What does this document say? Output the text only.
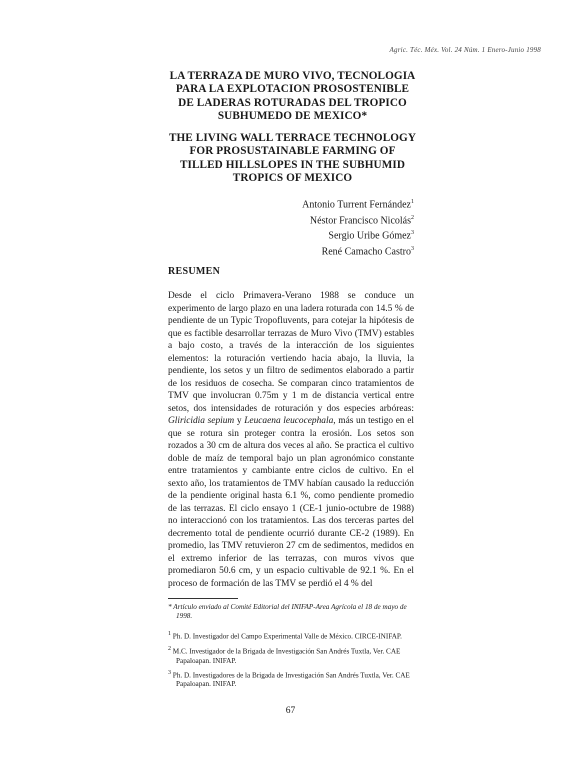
Agric. Téc. Méx. Vol. 24 Núm. 1 Enero-Junio 1998
LA TERRAZA DE MURO VIVO, TECNOLOGIA
PARA LA EXPLOTACION PROSOSTENIBLE
DE LADERAS ROTURADAS DEL TROPICO
SUBHUMEDO DE MEXICO*
THE LIVING WALL TERRACE TECHNOLOGY
FOR PROSUSTAINABLE FARMING OF
TILLED HILLSLOPES IN THE SUBHUMID
TROPICS OF MEXICO
Antonio Turrent Fernández$^1$
Néstor Francisco Nicolás$^2$
Sergio Uribe Gómez$^3$
René Camacho Castro$^3$
RESUMEN
Desde el ciclo Primavera-Verano 1988 se conduce un experimento de largo plazo en una ladera roturada con 14.5 % de pendiente de un Typic Tropofluvents, para cotejar la hipótesis de que es factible desarrollar terrazas de Muro Vivo (TMV) estables a bajo costo, a través de la interacción de los siguientes elementos: la roturación vertiendo hacia abajo, la lluvia, la pendiente, los setos y un filtro de sedimentos elaborado a partir de los residuos de cosecha. Se comparan cinco tratamientos de TMV que involucran 0.75m y 1 m de distancia vertical entre setos, dos intensidades de roturación y dos especies arbóreas: Gliricidia sepium y Leucaena leucocephala, más un testigo en el que se rotura sin proteger contra la erosión. Los setos son rozados a 30 cm de altura dos veces al año. Se practica el cultivo doble de maíz de temporal bajo un plan agronómico constante entre tratamientos y cambiante entre ciclos de cultivo. En el sexto año, los tratamientos de TMV habían causado la reducción de la pendiente original hasta 6.1 %, como pendiente promedio de las terrazas. El ciclo ensayo 1 (CE-1 junio-octubre de 1988) no interaccionó con los tratamientos. Las dos terceras partes del decremento total de pendiente ocurrió durante CE-2 (1989). En promedio, las TMV retuvieron 27 cm de sedimentos, medidos en el extremo inferior de las terrazas, con muros vivos que promediaron 50.6 cm, y un espacio cultivable de 92.1 %. En el proceso de formación de las TMV se perdió el 4 % del
* Artículo enviado al Comité Editorial del INIFAP-Area Agrícola el 18 de mayo de 1998.
$^1$ Ph. D. Investigador del Campo Experimental Valle de México. CIRCE-INIFAP.
$^2$ M.C. Investigador de la Brigada de Investigación San Andrés Tuxtla, Ver. CAE Papaloapan. INIFAP.
$^3$ Ph. D. Investigadores de la Brigada de Investigación San Andrés Tuxtla, Ver. CAE Papaloapan. INIFAP.
67
